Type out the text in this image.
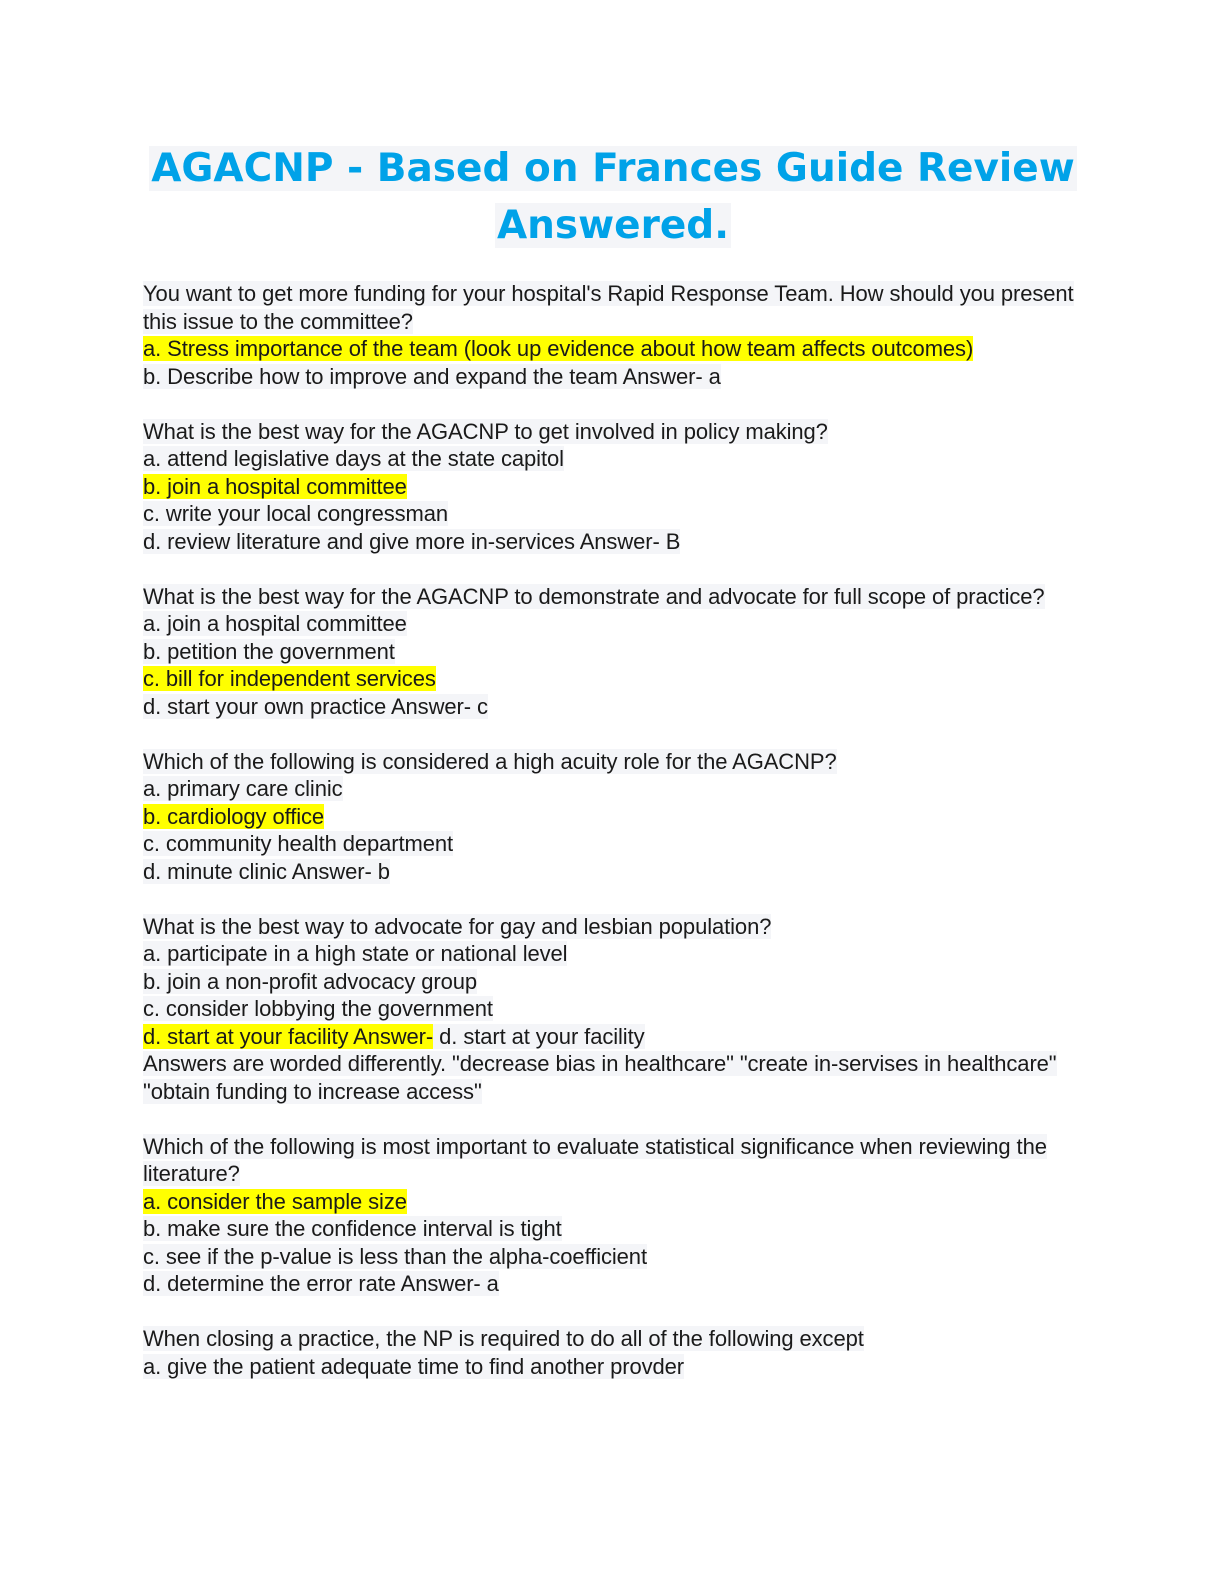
AGACNP - Based on Frances Guide Review Answered.

You want to get more funding for your hospital's Rapid Response Team. How should you present this issue to the committee?

a. Stress importance of the team (look up evidence about how team affects outcomes)

b. Describe how to improve and expand the team Answer- a

What is the best way for the AGACNP to get involved in policy making?

a. attend legislative days at the state capitol

b. join a hospital committee

c. write your local congressman

d. review literature and give more in-services Answer- B

What is the best way for the AGACNP to demonstrate and advocate for full scope of practice?

a. join a hospital committee

b. petition the government

c. bill for independent services

d. start your own practice Answer- c

Which of the following is considered a high acuity role for the AGACNP?

a. primary care clinic

b. cardiology office

c. community health department

d. minute clinic Answer- b

What is the best way to advocate for gay and lesbian population?

a. participate in a high state or national level

b. join a non-profit advocacy group

c. consider lobbying the government

d. start at your facility Answer- d. start at your facility

Answers are worded differently. "decrease bias in healthcare" "create in-servises in healthcare" "obtain funding to increase access"

Which of the following is most important to evaluate statistical significance when reviewing the literature?

a. consider the sample size

b. make sure the confidence interval is tight

c. see if the p-value is less than the alpha-coefficient

d. determine the error rate Answer- a

When closing a practice, the NP is required to do all of the following except

a. give the patient adequate time to find another provder
